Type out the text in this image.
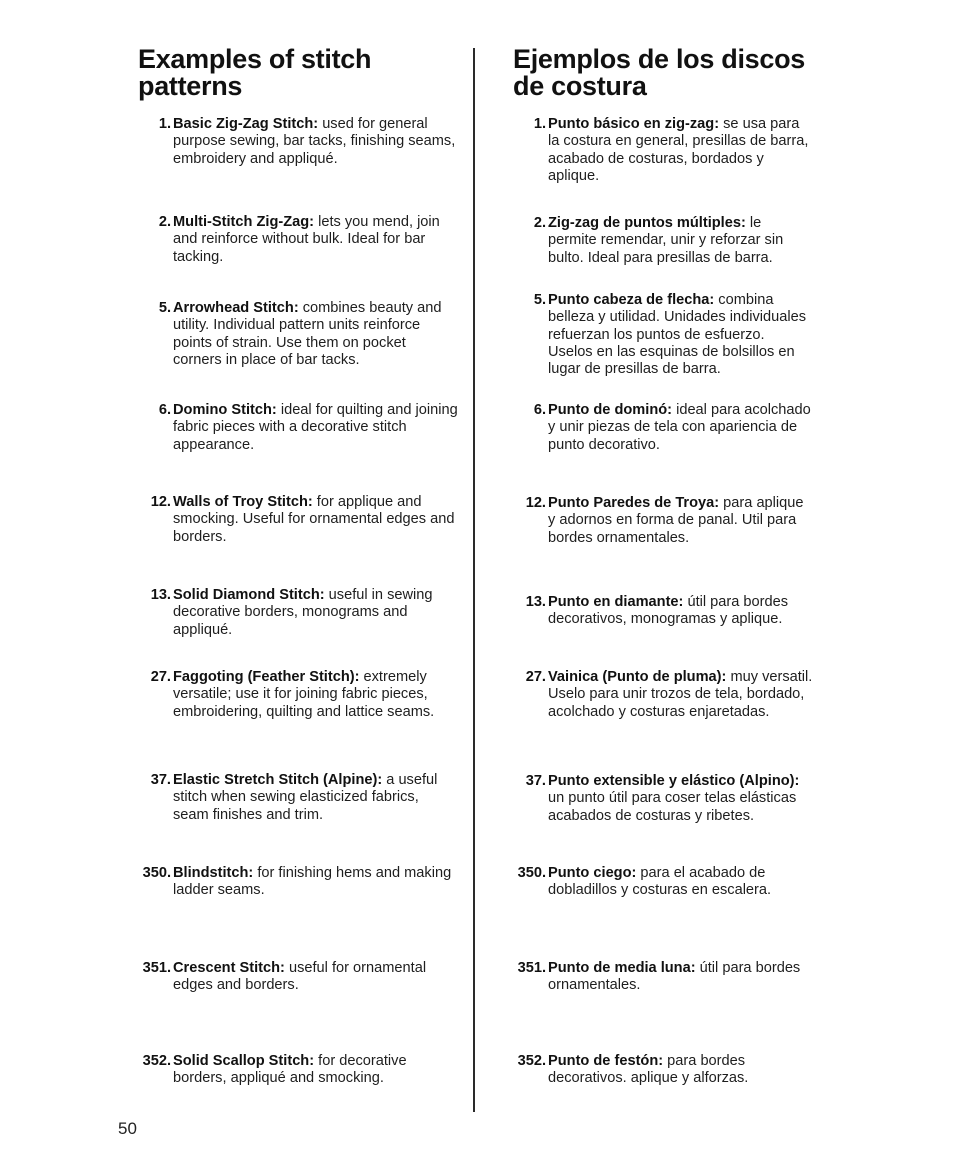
Examples of stitch
patterns
1. Basic Zig-Zag Stitch: used for general purpose sewing, bar tacks, finishing seams, embroidery and appliqué.
2. Multi-Stitch Zig-Zag: lets you mend, join and reinforce without bulk. Ideal for bar tacking.
5. Arrowhead Stitch: combines beauty and utility. Individual pattern units reinforce points of strain. Use them on pocket corners in place of bar tacks.
6. Domino Stitch: ideal for quilting and joining fabric pieces with a decorative stitch appearance.
12. Walls of Troy Stitch: for applique and smocking. Useful for ornamental edges and borders.
13. Solid Diamond Stitch: useful in sewing decorative borders, monograms and appliqué.
27. Faggoting (Feather Stitch): extremely versatile; use it for joining fabric pieces, embroidering, quilting and lattice seams.
37. Elastic Stretch Stitch (Alpine): a useful stitch when sewing elasticized fabrics, seam finishes and trim.
350. Blindstitch: for finishing hems and making ladder seams.
351. Crescent Stitch: useful for ornamental edges and borders.
352. Solid Scallop Stitch: for decorative borders, appliqué and smocking.
Ejemplos de los discos
de costura
1. Punto básico en zig-zag: se usa para la costura en general, presillas de barra, acabado de costuras, bordados y aplique.
2. Zig-zag de puntos múltiples: le permite remendar, unir y reforzar sin bulto. Ideal para presillas de barra.
5. Punto cabeza de flecha: combina belleza y utilidad. Unidades individuales refuerzan los puntos de esfuerzo. Uselos en las esquinas de bolsillos en lugar de presillas de barra.
6. Punto de dominó: ideal para acolchado y unir piezas de tela con apariencia de punto decorativo.
12. Punto Paredes de Troya: para aplique y adornos en forma de panal. Util para bordes ornamentales.
13. Punto en diamante: útil para bordes decorativos, monogramas y aplique.
27. Vainica (Punto de pluma): muy versatil. Uselo para unir trozos de tela, bordado, acolchado y costuras enjaretadas.
37. Punto extensible y elástico (Alpino): un punto útil para coser telas elásticas acabados de costuras y ribetes.
350. Punto ciego: para el acabado de dobladillos y costuras en escalera.
351. Punto de media luna: útil para bordes ornamentales.
352. Punto de festón: para bordes decorativos. aplique y alforzas.
50
